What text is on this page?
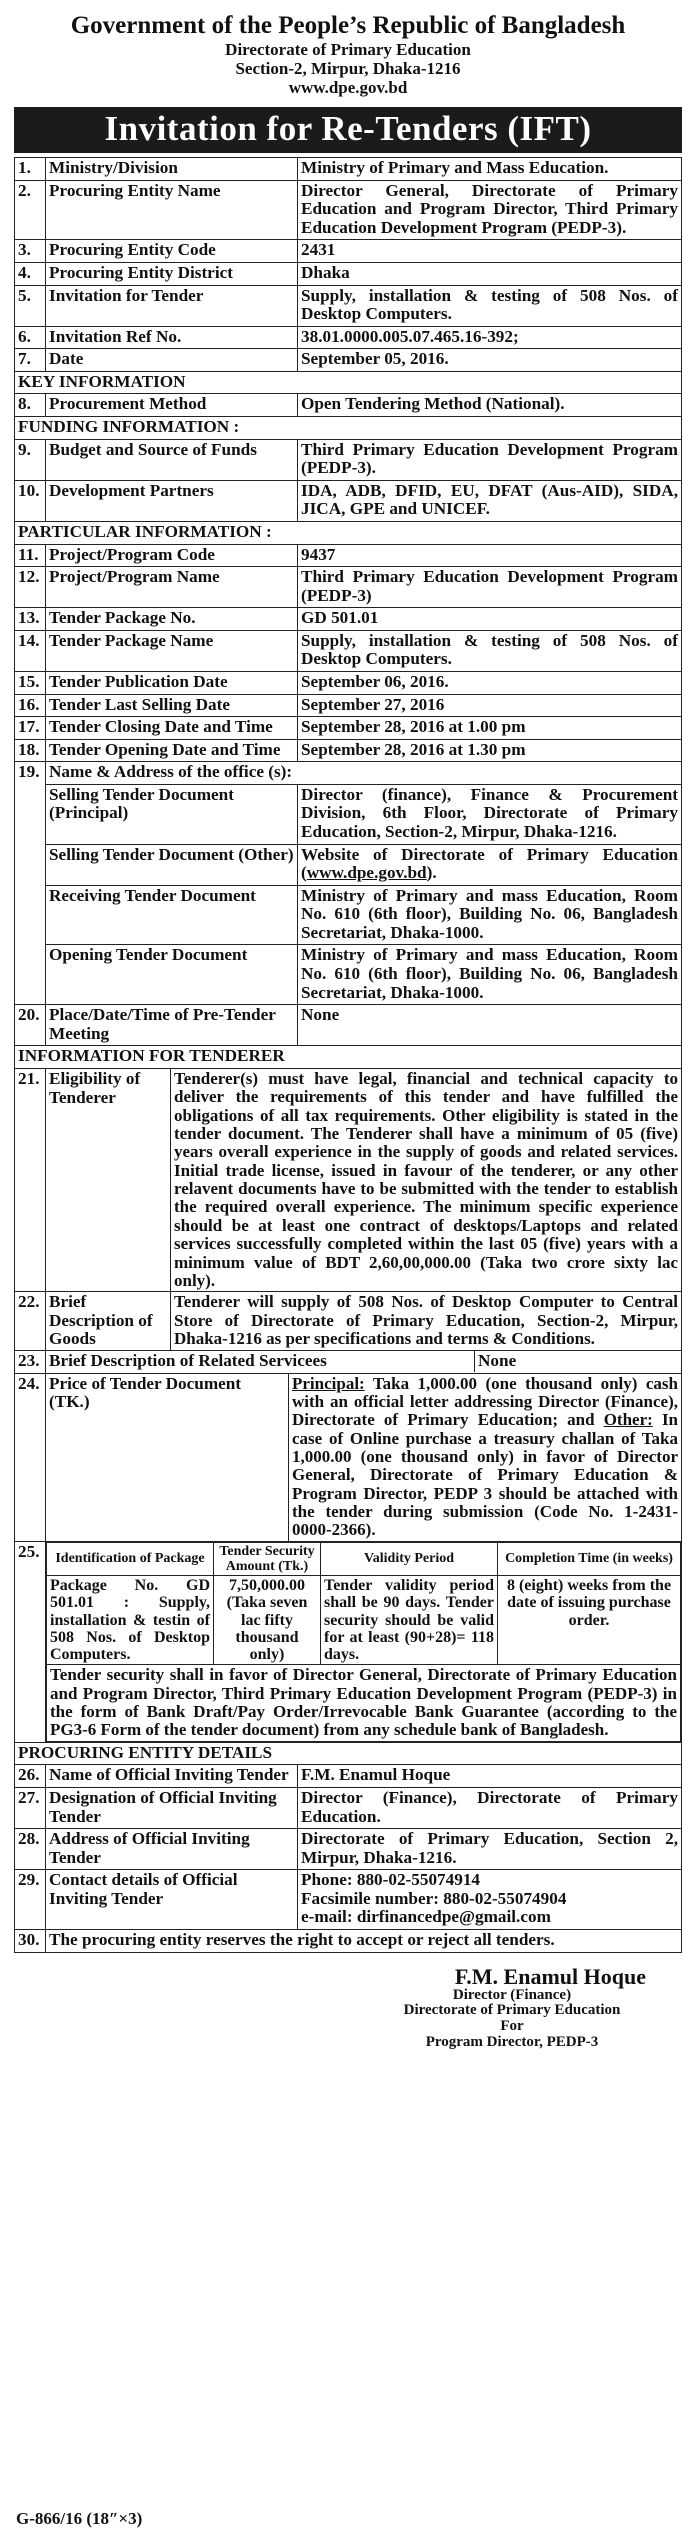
Government of the People’s Republic of Bangladesh
Directorate of Primary Education
Section-2, Mirpur, Dhaka-1216
www.dpe.gov.bd
Invitation for Re-Tenders (IFT)
1.	Ministry/Division	Ministry of Primary and Mass Education.
2.	Procuring Entity Name	Director General, Directorate of Primary Education and Program Director, Third Primary Education Development Program (PEDP-3).
3.	Procuring Entity Code	2431
4.	Procuring Entity District	Dhaka
5.	Invitation for Tender	Supply, installation & testing of 508 Nos. of Desktop Computers.
6.	Invitation Ref No.	38.01.0000.005.07.465.16-392;
7.	Date	September 05, 2016.
KEY INFORMATION
8.	Procurement Method	Open Tendering Method (National).
FUNDING INFORMATION :
9.	Budget and Source of Funds	Third Primary Education Development Program (PEDP-3).
10.	Development Partners	IDA, ADB, DFID, EU, DFAT (Aus-AID), SIDA, JICA, GPE and UNICEF.
PARTICULAR INFORMATION :
11.	Project/Program Code	9437
12.	Project/Program Name	Third Primary Education Development Program (PEDP-3)
13.	Tender Package No.	GD 501.01
14.	Tender Package Name	Supply, installation & testing of 508 Nos. of Desktop Computers.
15.	Tender Publication Date	September 06, 2016.
16.	Tender Last Selling Date	September 27, 2016
17.	Tender Closing Date and Time	September 28, 2016 at 1.00 pm
18.	Tender Opening Date and Time	September 28, 2016 at 1.30 pm
19.	Name & Address of the office (s):
Selling Tender Document (Principal)	Director (finance), Finance & Procurement Division, 6th Floor, Directorate of Primary Education, Section-2, Mirpur, Dhaka-1216.
Selling Tender Document (Other)	Website of Directorate of Primary Education (www.dpe.gov.bd).
Receiving Tender Document	Ministry of Primary and mass Education, Room No. 610 (6th floor), Building No. 06, Bangladesh Secretariat, Dhaka-1000.
Opening Tender Document	Ministry of Primary and mass Education, Room No. 610 (6th floor), Building No. 06, Bangladesh Secretariat, Dhaka-1000.
20.	Place/Date/Time of Pre-Tender Meeting	None
INFORMATION FOR TENDERER
21.	Eligibility of Tenderer	Tenderer(s) must have legal, financial and technical capacity to deliver the requirements of this tender and have fulfilled the obligations of all tax requirements. Other eligibility is stated in the tender document. The Tenderer shall have a minimum of 05 (five) years overall experience in the supply of goods and related services. Initial trade license, issued in favour of the tenderer, or any other relavent documents have to be submitted with the tender to establish the required overall experience. The minimum specific experience should be at least one contract of desktops/Laptops and related services successfully completed within the last 05 (five) years with a minimum value of BDT 2,60,00,000.00 (Taka two crore sixty lac only).

22.	Brief Description of Goods	Tenderer will supply of 508 Nos. of Desktop Computer to Central Store of Directorate of Primary Education, Section-2, Mirpur, Dhaka-1216 as per specifications and terms & Conditions.

23.	Brief Description of Related Servicees	None

24.	Price of Tender Document (TK.)	Principal: Taka 1,000.00 (one thousand only) cash with an official letter addressing Director (Finance), Directorate of Primary Education; and Other: In case of Online purchase a treasury challan of Taka 1,000.00 (one thousand only) in favor of Director General, Directorate of Primary Education & Program Director, PEDP 3 should be attached with the tender during submission (Code No. 1-2431-0000-2366).

25.	Identification of Package	Tender Security Amount (Tk.)	Validity Period	Completion Time (in weeks)
Package No. GD 501.01 : Supply, installation & testin of 508 Nos. of Desktop Computers.	7,50,000.00 (Taka seven lac fifty thousand only)	Tender validity period shall be 90 days. Tender security should be valid for at least (90+28)= 118 days.	8 (eight) weeks from the date of issuing purchase order.
Tender security shall in favor of Director General, Directorate of Primary Education and Program Director, Third Primary Education Development Program (PEDP-3) in the form of Bank Draft/Pay Order/Irrevocable Bank Guarantee (according to the PG3-6 Form of the tender document) from any schedule bank of Bangladesh.

PROCURING ENTITY DETAILS
26.	Name of Official Inviting Tender	F.M. Enamul Hoque
27.	Designation of Official Inviting Tender	Director (Finance), Directorate of Primary Education.
28.	Address of Official Inviting Tender	Directorate of Primary Education, Section 2, Mirpur, Dhaka-1216.
29.	Contact details of Official Inviting Tender	
Phone: 880-02-55074914
Facsimile number: 880-02-55074904
e-mail: dirfinancedpe@gmail.com

30.	The procuring entity reserves the right to accept or reject all tenders.
F.M. Enamul Hoque
Director (Finance)
Directorate of Primary Education
For
Program Director, PEDP-3
G-866/16 (18″×3)
